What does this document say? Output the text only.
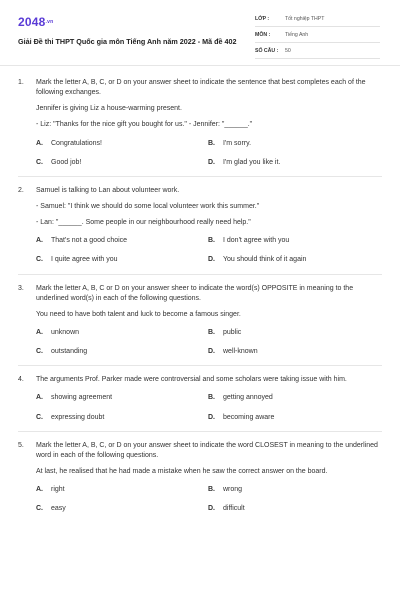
2048.vn
Giải Đề thi THPT Quốc gia môn Tiếng Anh năm 2022 - Mã đề 402
LỚP :	Tốt nghiệp THPT
MÔN :	Tiếng Anh
SỐ CÂU :	50
1.	Mark the letter A, B, C, or D on your answer sheet to indicate the sentence that best completes each of the following exchanges.
Jennifer is giving Liz a house-warming present.
- Liz: "Thanks for the nice gift you bought for us." - Jennifer: "______."
A.	Congratulations!	B.	I'm sorry.
C.	Good job!	D.	I'm glad you like it.
2.	Samuel is talking to Lan about volunteer work.
- Samuel: "I think we should do some local volunteer work this summer."
- Lan: "______. Some people in our neighbourhood really need help."
A.	That's not a good choice	B.	I don't agree with you
C.	I quite agree with you	D.	You should think of it again
3.	Mark the letter A, B, C or D on your answer sheer to indicate the word(s) OPPOSITE in meaning to the underlined word(s) in each of the following questions.
You need to have both talent and luck to become a famous singer.
A.	unknown	B.	public
C.	outstanding	D.	well-known
4.	The arguments Prof. Parker made were controversial and some scholars were taking issue with him.
A.	showing agreement	B.	getting annoyed
C.	expressing doubt	D.	becoming aware
5.	Mark the letter A, B, C, or D on your answer sheet to indicate the word CLOSEST in meaning to the underlined word in each of the following questions.
At last, he realised that he had made a mistake when he saw the correct answer on the board.
A.	right	B.	wrong
C.	easy	D.	difficult
